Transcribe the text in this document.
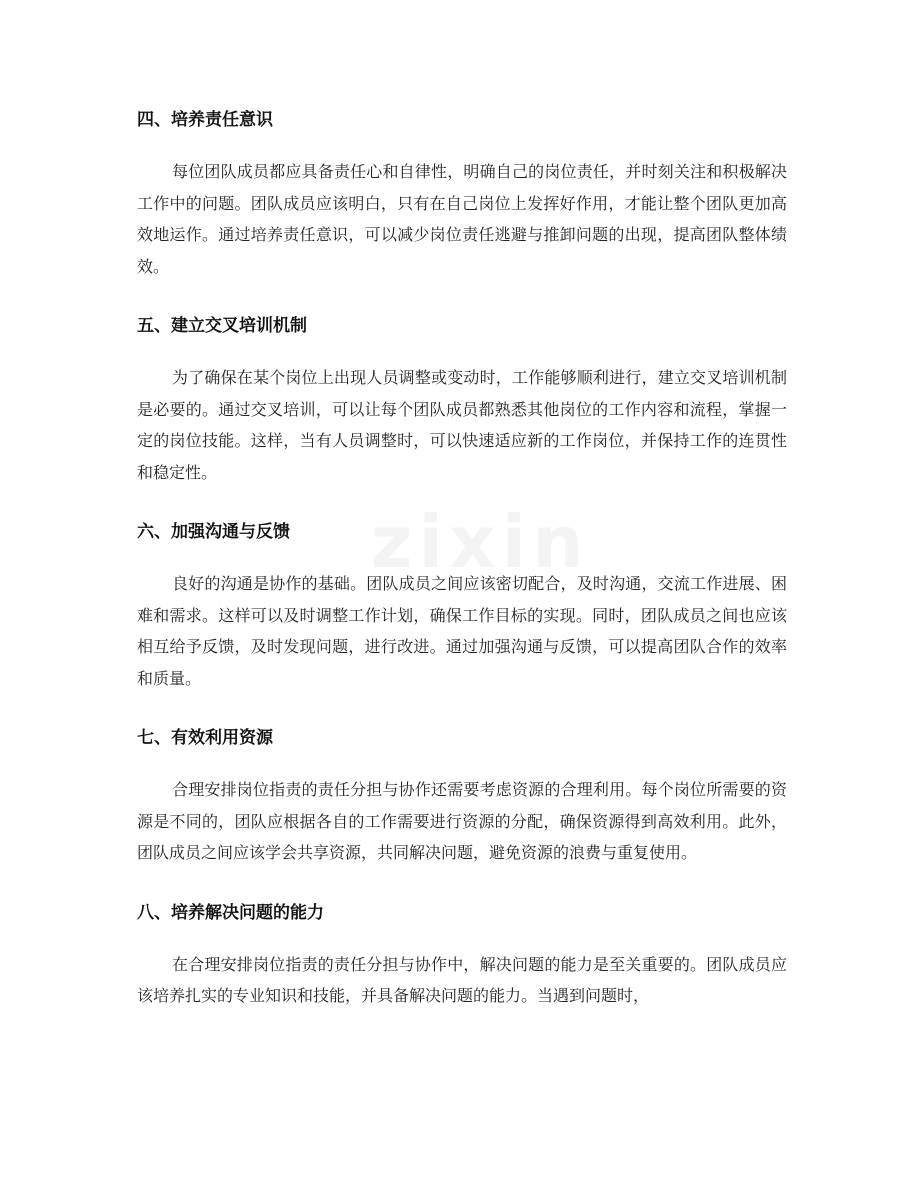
四、培养责任意识

每位团队成员都应具备责任心和自律性，明确自己的岗位责任，并时刻关注和积极解决工作中的问题。团队成员应该明白，只有在自己岗位上发挥好作用，才能让整个团队更加高效地运作。通过培养责任意识，可以减少岗位责任逃避与推卸问题的出现，提高团队整体绩效。

五、建立交叉培训机制

为了确保在某个岗位上出现人员调整或变动时，工作能够顺利进行，建立交叉培训机制是必要的。通过交叉培训，可以让每个团队成员都熟悉其他岗位的工作内容和流程，掌握一定的岗位技能。这样，当有人员调整时，可以快速适应新的工作岗位，并保持工作的连贯性和稳定性。

六、加强沟通与反馈

良好的沟通是协作的基础。团队成员之间应该密切配合，及时沟通，交流工作进展、困难和需求。这样可以及时调整工作计划，确保工作目标的实现。同时，团队成员之间也应该相互给予反馈，及时发现问题，进行改进。通过加强沟通与反馈，可以提高团队合作的效率和质量。

七、有效利用资源

合理安排岗位指责的责任分担与协作还需要考虑资源的合理利用。每个岗位所需要的资源是不同的，团队应根据各自的工作需要进行资源的分配，确保资源得到高效利用。此外，团队成员之间应该学会共享资源，共同解决问题，避免资源的浪费与重复使用。

八、培养解决问题的能力

在合理安排岗位指责的责任分担与协作中，解决问题的能力是至关重要的。团队成员应该培养扎实的专业知识和技能，并具备解决问题的能力。当遇到问题时，
